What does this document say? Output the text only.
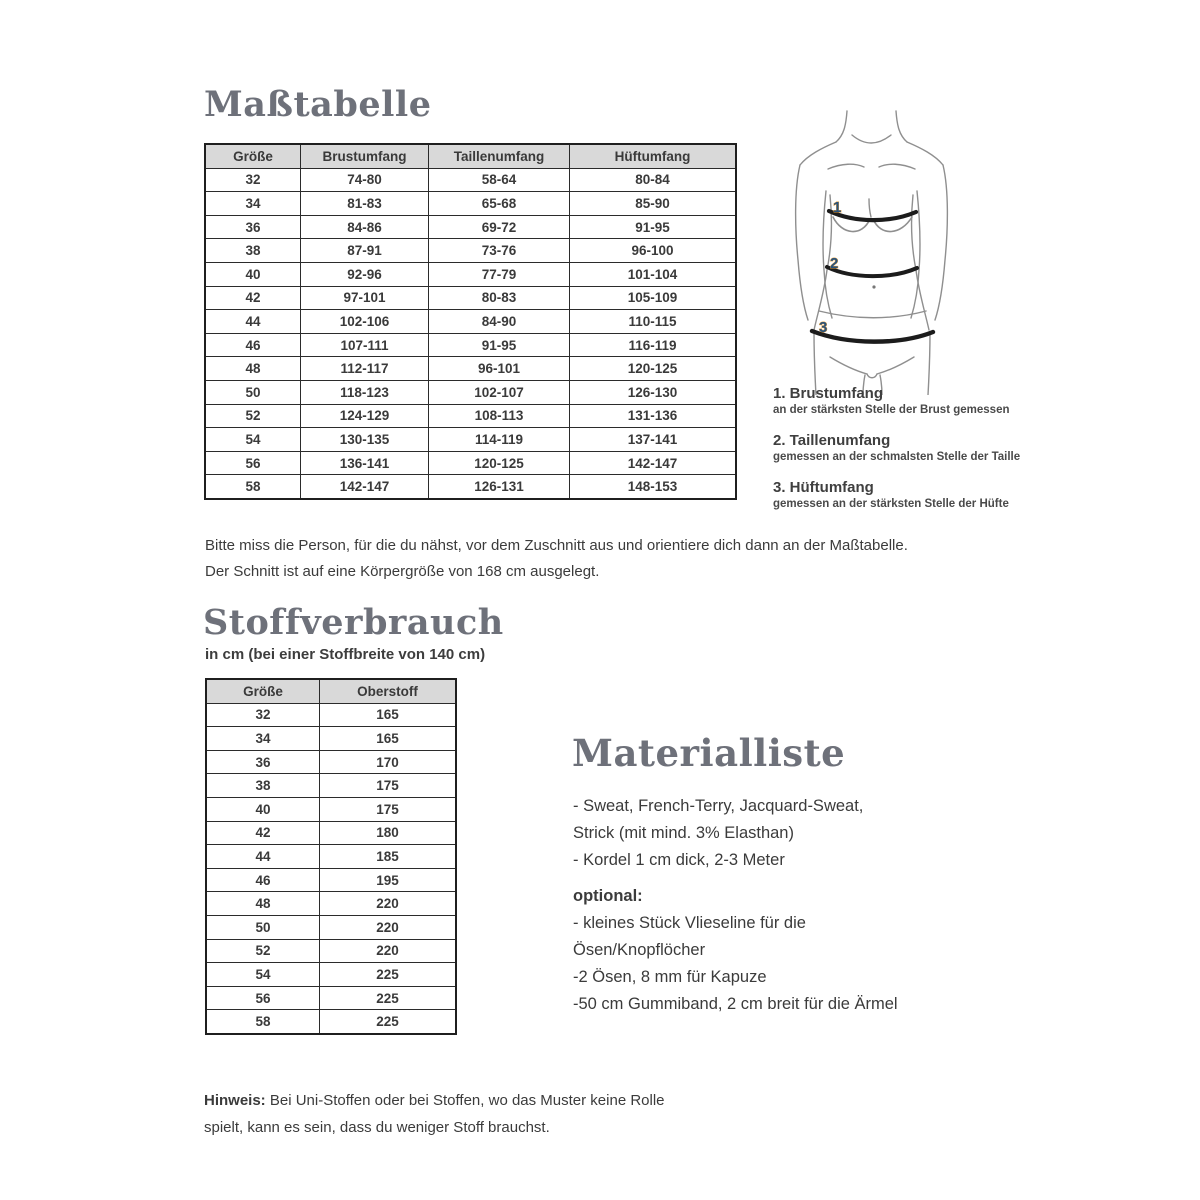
Maßtabelle
Größe	Brustumfang	Taillenumfang	Hüftumfang
32	74-80	58-64	80-84
34	81-83	65-68	85-90
36	84-86	69-72	91-95
38	87-91	73-76	96-100
40	92-96	77-79	101-104
42	97-101	80-83	105-109
44	102-106	84-90	110-115
46	107-111	91-95	116-119
48	112-117	96-101	120-125
50	118-123	102-107	126-130
52	124-129	108-113	131-136
54	130-135	114-119	137-141
56	136-141	120-125	142-147
58	142-147	126-131	148-153
1
2
3
1. Brustumfang
an der stärksten Stelle der Brust gemessen
2. Taillenumfang
gemessen an der schmalsten Stelle der Taille
3. Hüftumfang
gemessen an der stärksten Stelle der Hüfte
Bitte miss die Person, für die du nähst, vor dem Zuschnitt aus und orientiere dich dann an der Maßtabelle.
Der Schnitt ist auf eine Körpergröße von 168 cm ausgelegt.
Stoffverbrauch
in cm (bei einer Stoffbreite von 140 cm)
Größe	Oberstoff
32	165
34	165
36	170
38	175
40	175
42	180
44	185
46	195
48	220
50	220
52	220
54	225
56	225
58	225
Materialliste
- Sweat, French-Terry, Jacquard-Sweat,
Strick (mit mind. 3% Elasthan)
- Kordel 1 cm dick, 2-3 Meter
optional:
- kleines Stück Vlieseline für die
Ösen/Knopflöcher
-2 Ösen, 8 mm für Kapuze
-50 cm Gummiband, 2 cm breit für die Ärmel
Hinweis: Bei Uni-Stoffen oder bei Stoffen, wo das Muster keine Rolle
spielt, kann es sein, dass du weniger Stoff brauchst.
